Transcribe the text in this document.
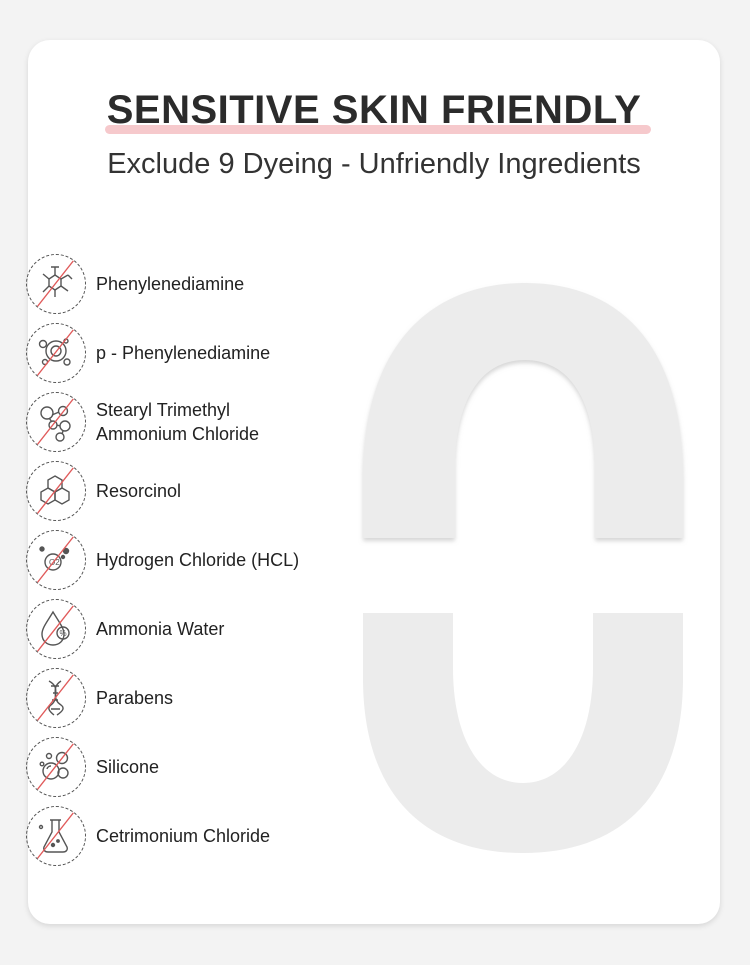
SENSITIVE SKIN FRIENDLY
Exclude 9 Dyeing - Unfriendly Ingredients
Phenylenediamine
p - Phenylenediamine
Stearyl Trimethyl
Ammonium Chloride
Resorcinol
O2 Hydrogen Chloride (HCL)
% Ammonia Water
Parabens
Silicone
Cetrimonium Chloride
